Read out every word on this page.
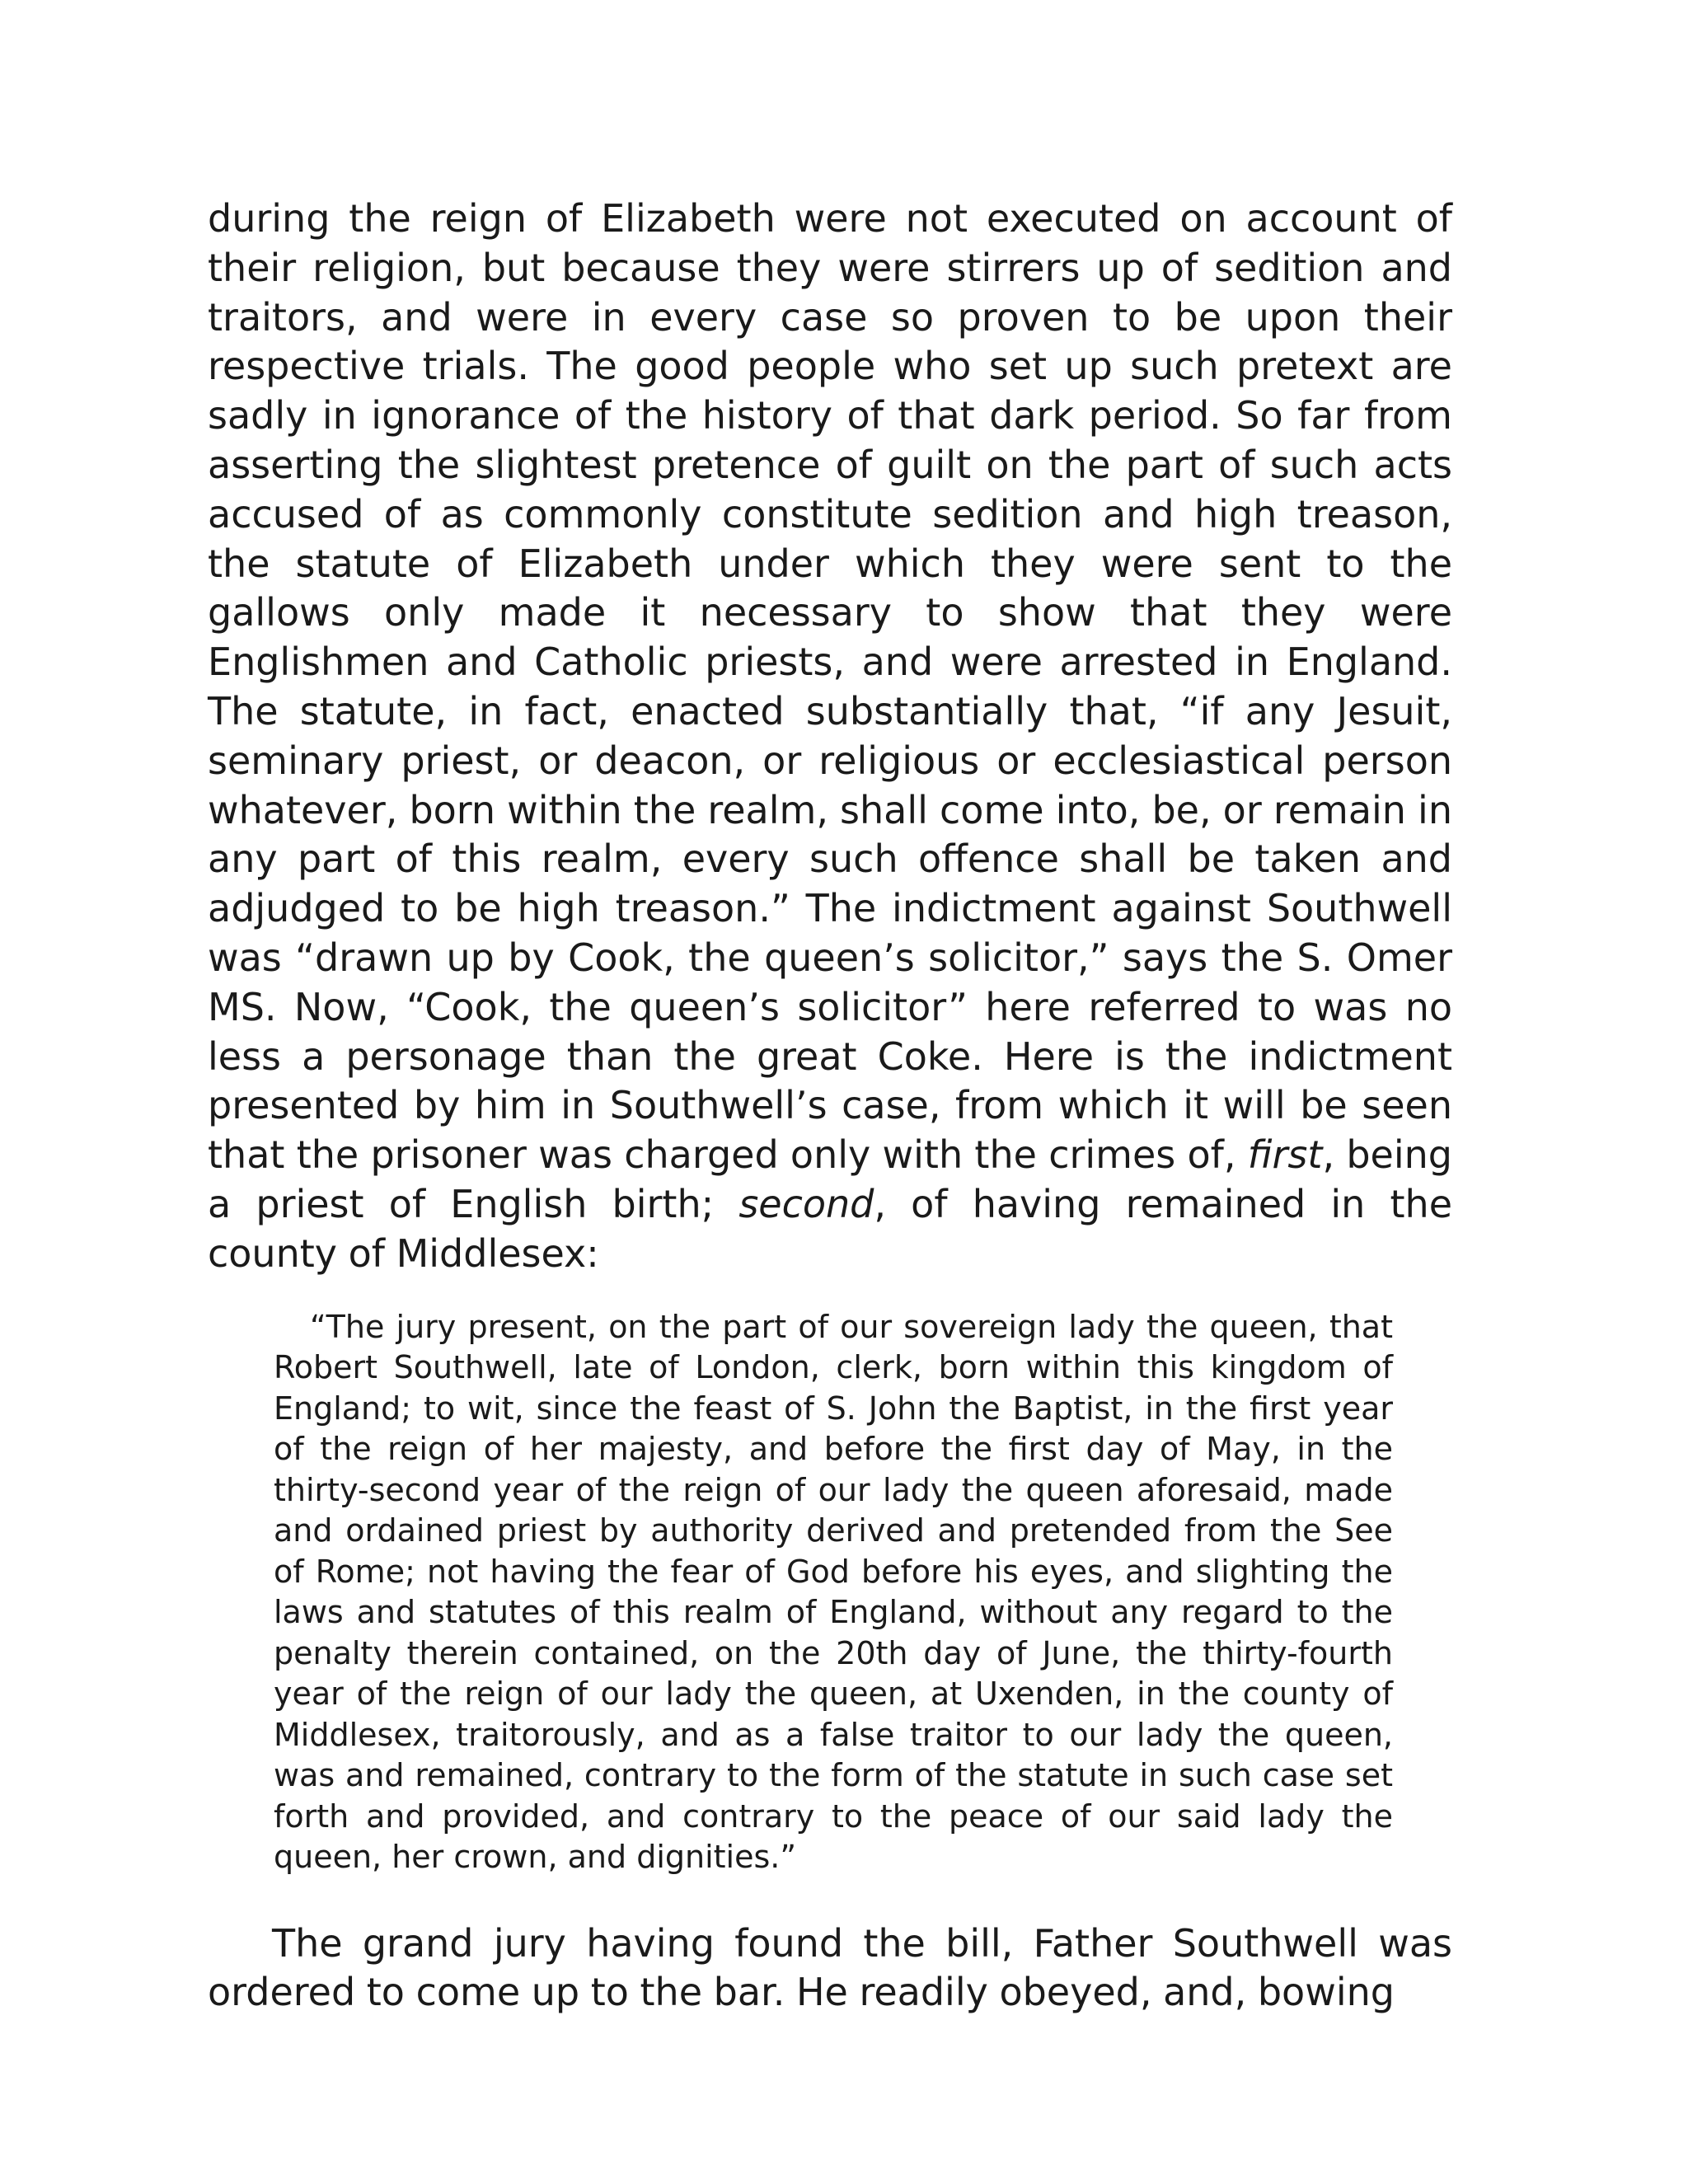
during the reign of Elizabeth were not executed on account of their religion, but because they were stirrers up of sedition and traitors, and were in every case so proven to be upon their respective trials. The good people who set up such pretext are sadly in ignorance of the history of that dark period. So far from asserting the slightest pretence of guilt on the part of such acts accused of as commonly constitute sedition and high treason, the statute of Elizabeth under which they were sent to the gallows only made it necessary to show that they were Englishmen and Catholic priests, and were arrested in England. The statute, in fact, enacted substantially that, “if any Jesuit, seminary priest, or deacon, or religious or ecclesiastical person whatever, born within the realm, shall come into, be, or remain in any part of this realm, every such offence shall be taken and adjudged to be high treason.” The indictment against Southwell was “drawn up by Cook, the queen’s solicitor,” says the S. Omer MS. Now, “Cook, the queen’s solicitor” here referred to was no less a personage than the great Coke. Here is the indictment presented by him in Southwell’s case, from which it will be seen that the prisoner was charged only with the crimes of, first, being a priest of English birth; second, of having remained in the county of Middlesex:

“The jury present, on the part of our sovereign lady the queen, that Robert Southwell, late of London, clerk, born within this kingdom of England; to wit, since the feast of S. John the Baptist, in the first year of the reign of her majesty, and before the first day of May, in the thirty-second year of the reign of our lady the queen aforesaid, made and ordained priest by authority derived and pretended from the See of Rome; not having the fear of God before his eyes, and slighting the laws and statutes of this realm of England, without any regard to the penalty therein contained, on the 20th day of June, the thirty-fourth year of the reign of our lady the queen, at Uxenden, in the county of Middlesex, traitorously, and as a false traitor to our lady the queen, was and remained, contrary to the form of the statute in such case set forth and provided, and contrary to the peace of our said lady the queen, her crown, and dignities.”

The grand jury having found the bill, Father Southwell was ordered to come up to the bar. He readily obeyed, and, bowing
